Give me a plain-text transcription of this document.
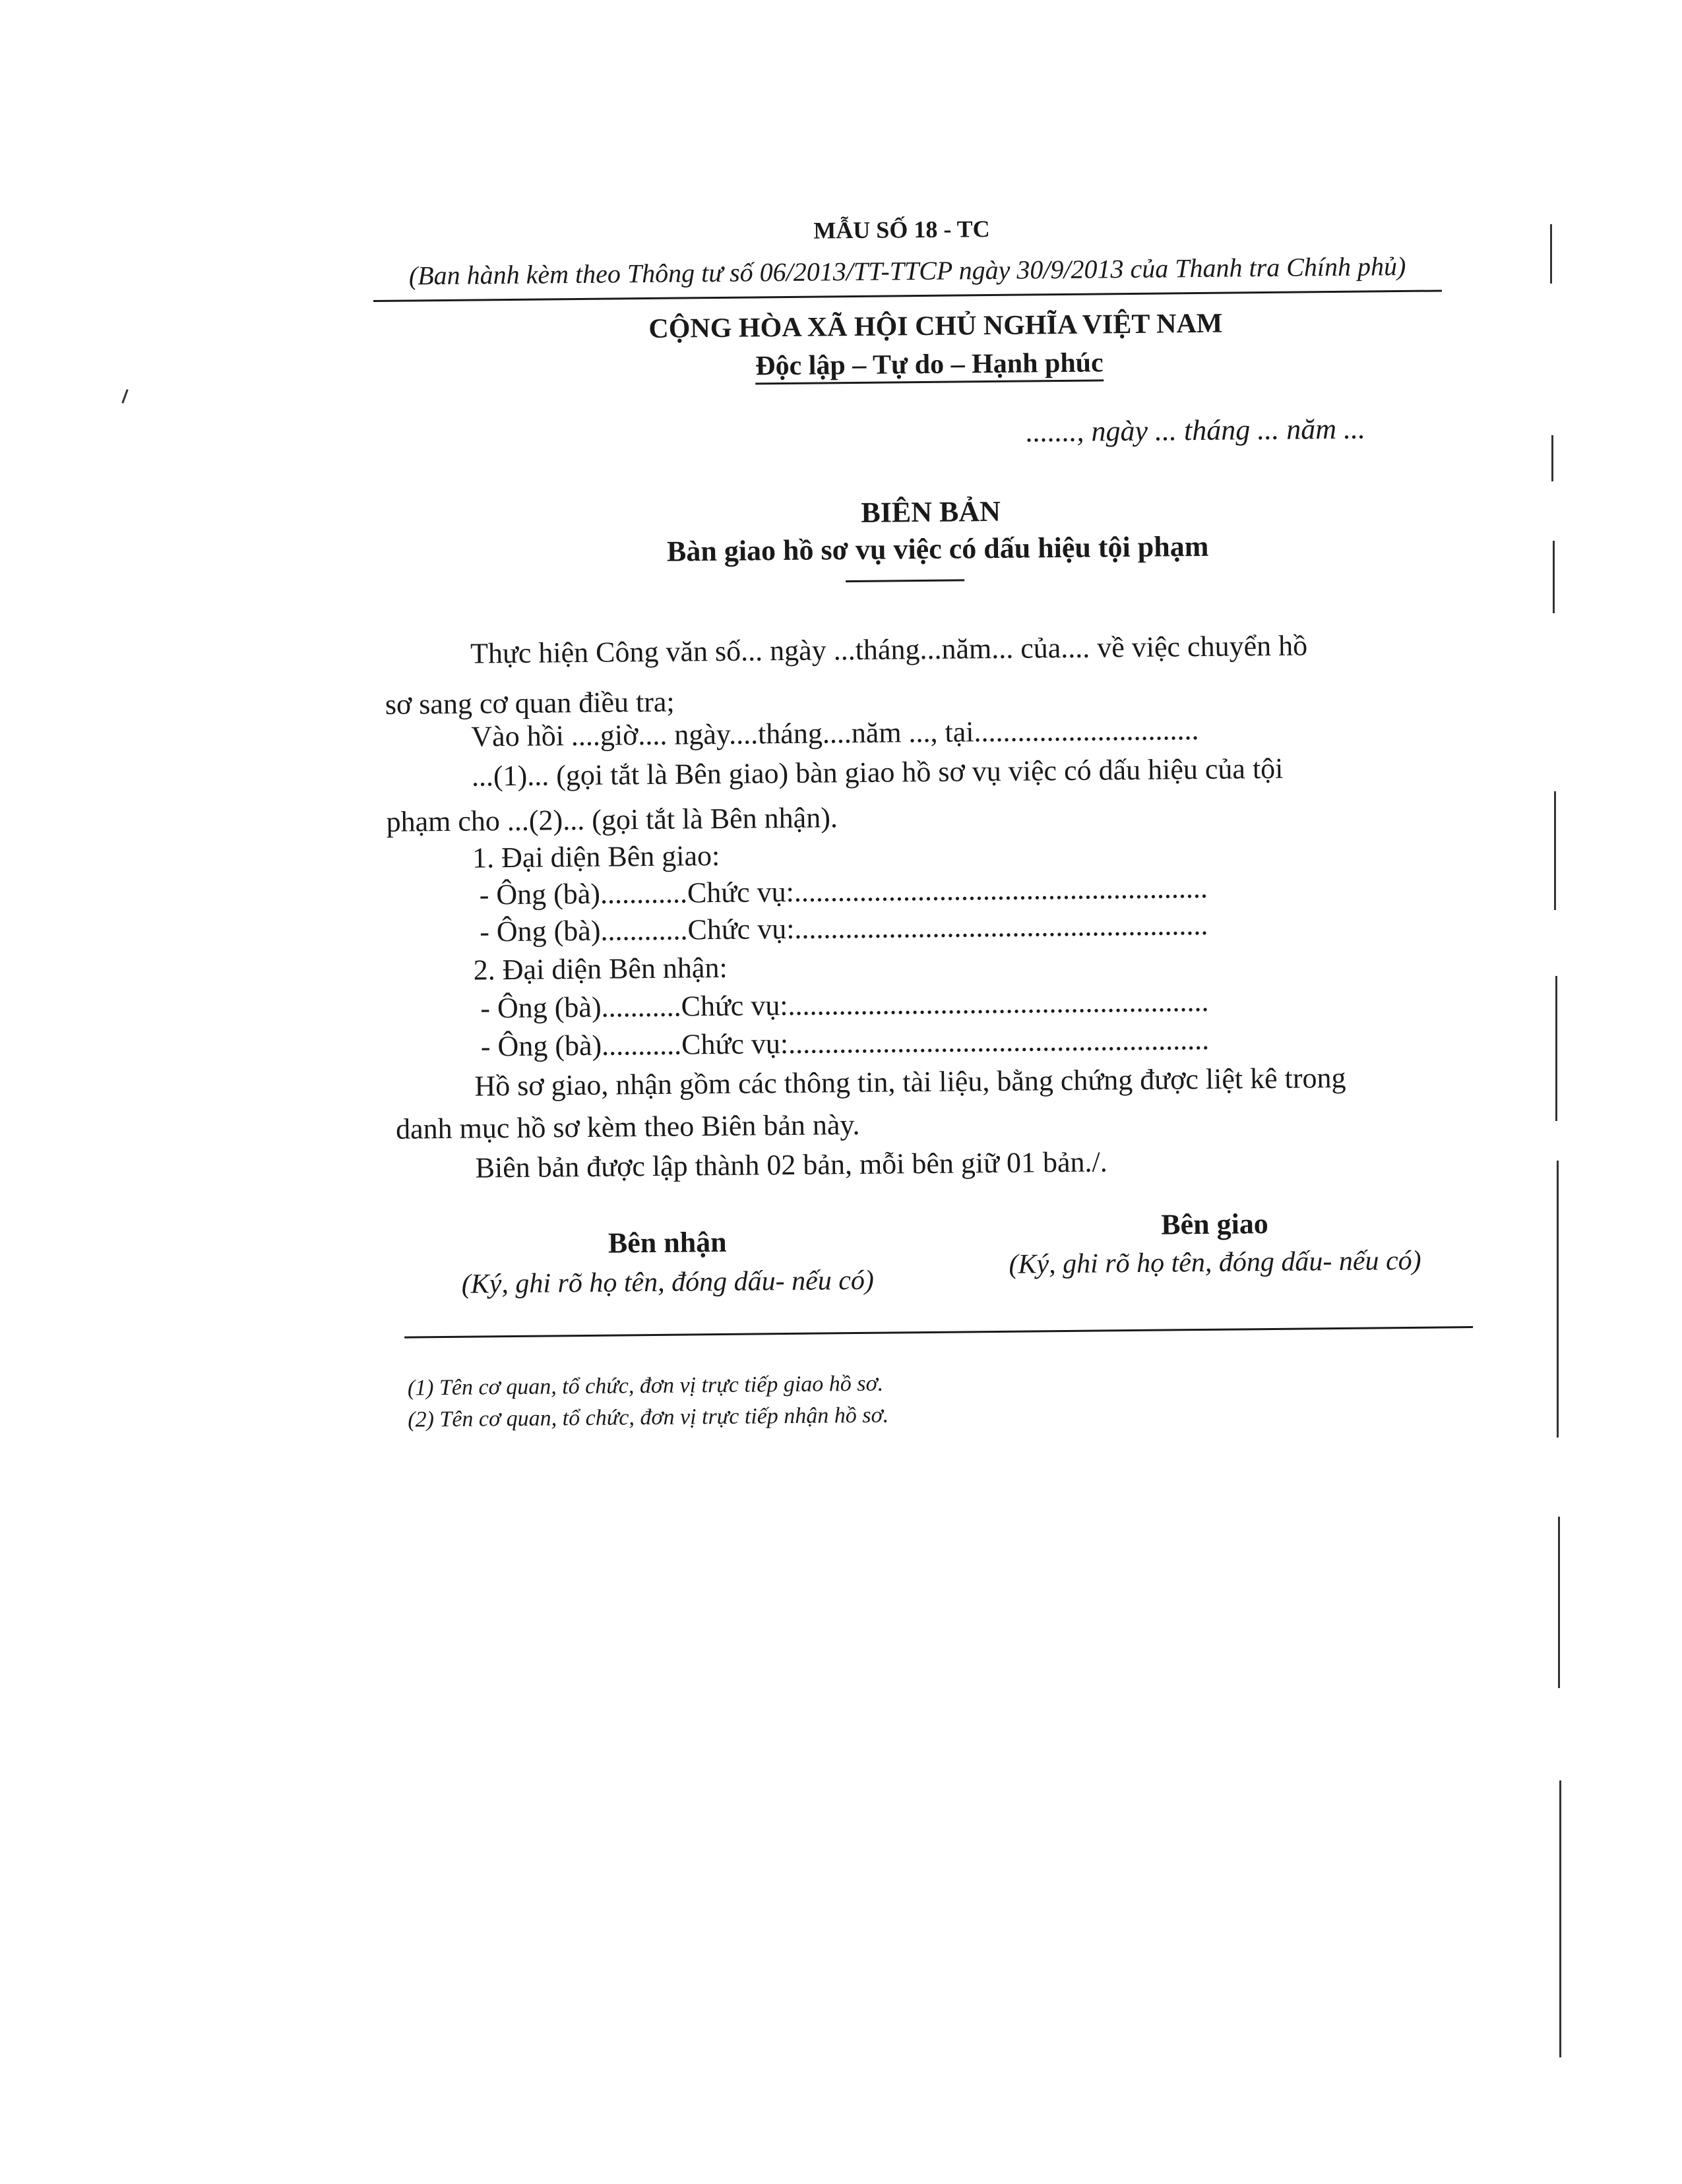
MẪU SỐ 18 - TC
(Ban hành kèm theo Thông tư số 06/2013/TT-TTCP ngày 30/9/2013 của Thanh tra Chính phủ)
CỘNG HÒA XÃ HỘI CHỦ NGHĨA VIỆT NAM
Độc lập – Tự do – Hạnh phúc
......., ngày ... tháng ... năm ...
BIÊN BẢN
Bàn giao hồ sơ vụ việc có dấu hiệu tội phạm
Thực hiện Công văn số... ngày ...tháng...năm... của.... về việc chuyển hồ
sơ sang cơ quan điều tra;
Vào hồi ....giờ.... ngày....tháng....năm ..., tại...............................
...(1)... (gọi tắt là Bên giao) bàn giao hồ sơ vụ việc có dấu hiệu của tội
phạm cho ...(2)... (gọi tắt là Bên nhận).
1. Đại diện Bên giao:
- Ông (bà)............Chức vụ:.........................................................
- Ông (bà)............Chức vụ:.........................................................
2. Đại diện Bên nhận:
- Ông (bà)...........Chức vụ:..........................................................
- Ông (bà)...........Chức vụ:..........................................................
Hồ sơ giao, nhận gồm các thông tin, tài liệu, bằng chứng được liệt kê trong
danh mục hồ sơ kèm theo Biên bản này.
Biên bản được lập thành 02 bản, mỗi bên giữ 01 bản./.
Bên nhận
(Ký, ghi rõ họ tên, đóng dấu- nếu có)
Bên giao
(Ký, ghi rõ họ tên, đóng dấu- nếu có)
(1) Tên cơ quan, tổ chức, đơn vị trực tiếp giao hồ sơ.
(2) Tên cơ quan, tổ chức, đơn vị trực tiếp nhận hồ sơ.
